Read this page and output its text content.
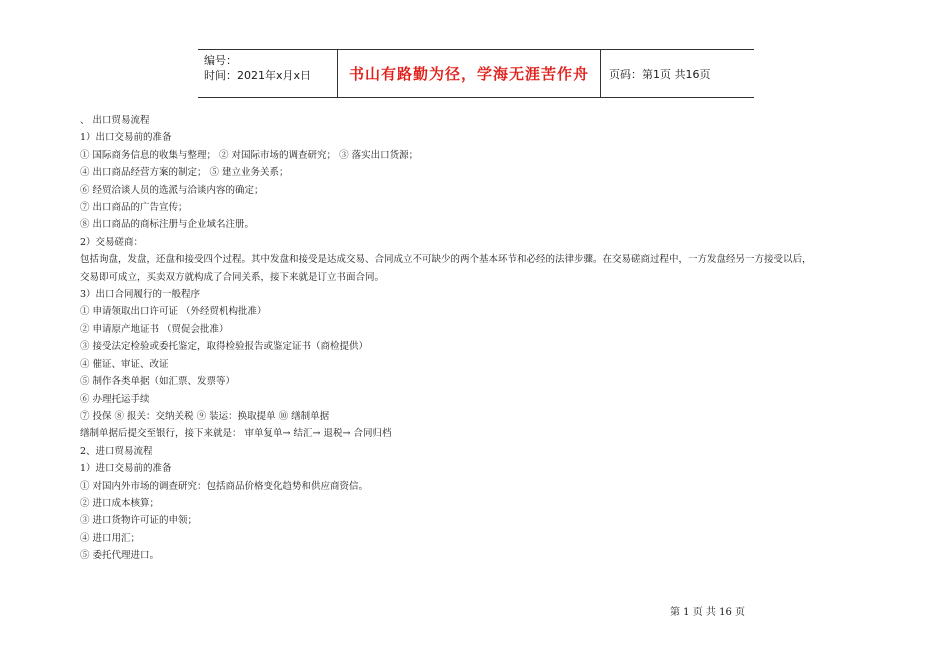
编号：
时间：2021年x月x日	书山有路勤为径，学海无涯苦作舟	页码：第1页 共16页
、 出口贸易流程
1）出口交易前的准备
① 国际商务信息的收集与整理； ② 对国际市场的调查研究； ③ 落实出口货源；
④ 出口商品经营方案的制定； ⑤ 建立业务关系；
⑥ 经贸洽谈人员的选派与洽谈内容的确定；
⑦ 出口商品的广告宣传；
⑧ 出口商品的商标注册与企业域名注册。
2）交易磋商：
包括询盘，发盘，还盘和接受四个过程。其中发盘和接受是达成交易、合同成立不可缺少的两个基本环节和必经的法律步骤。在交易磋商过程中，一方发盘经另一方接受以后，
交易即可成立，买卖双方就构成了合同关系，接下来就是订立书面合同。
3）出口合同履行的一般程序
① 申请领取出口许可证 （外经贸机构批准）
② 申请原产地证书 （贸促会批准）
③ 接受法定检验或委托鉴定，取得检验报告或鉴定证书（商检提供）
④ 催证、审证、改证
⑤ 制作各类单据（如汇票、发票等）
⑥ 办理托运手续
⑦ 投保 ⑧ 报关：交纳关税 ⑨ 装运：换取提单 ⑩ 缮制单据
缮制单据后提交至银行，接下来就是： 审单复单→ 结汇→ 退税→ 合同归档
2、进口贸易流程
1）进口交易前的准备
① 对国内外市场的调查研究：包括商品价格变化趋势和供应商资信。
② 进口成本核算；
③ 进口货物许可证的申领；
④ 进口用汇；
⑤ 委托代理进口。
第 1 页 共 16 页
